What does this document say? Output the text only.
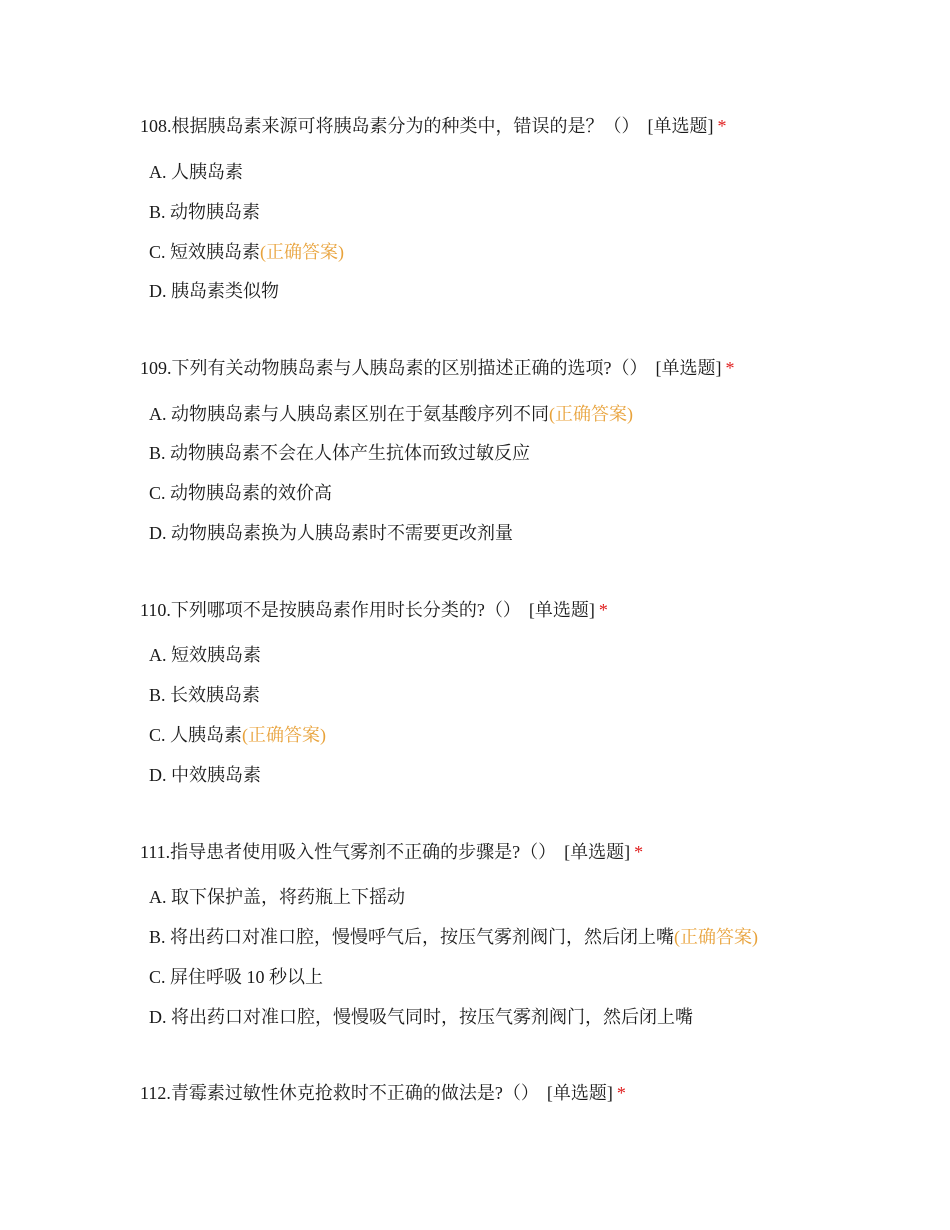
108.根据胰岛素来源可将胰岛素分为的种类中，错误的是？（） [单选题] *
A. 人胰岛素
B. 动物胰岛素
C. 短效胰岛素(正确答案)
D. 胰岛素类似物
109.下列有关动物胰岛素与人胰岛素的区别描述正确的选项?（） [单选题] *
A. 动物胰岛素与人胰岛素区别在于氨基酸序列不同(正确答案)
B. 动物胰岛素不会在人体产生抗体而致过敏反应
C. 动物胰岛素的效价高
D. 动物胰岛素换为人胰岛素时不需要更改剂量
110.下列哪项不是按胰岛素作用时长分类的?（） [单选题] *
A. 短效胰岛素
B. 长效胰岛素
C. 人胰岛素(正确答案)
D. 中效胰岛素
111.指导患者使用吸入性气雾剂不正确的步骤是?（） [单选题] *
A. 取下保护盖，将药瓶上下摇动
B. 将出药口对准口腔，慢慢呼气后，按压气雾剂阀门，然后闭上嘴(正确答案)
C. 屏住呼吸 10 秒以上
D. 将出药口对准口腔，慢慢吸气同时，按压气雾剂阀门，然后闭上嘴
112.青霉素过敏性休克抢救时不正确的做法是?（） [单选题] *
